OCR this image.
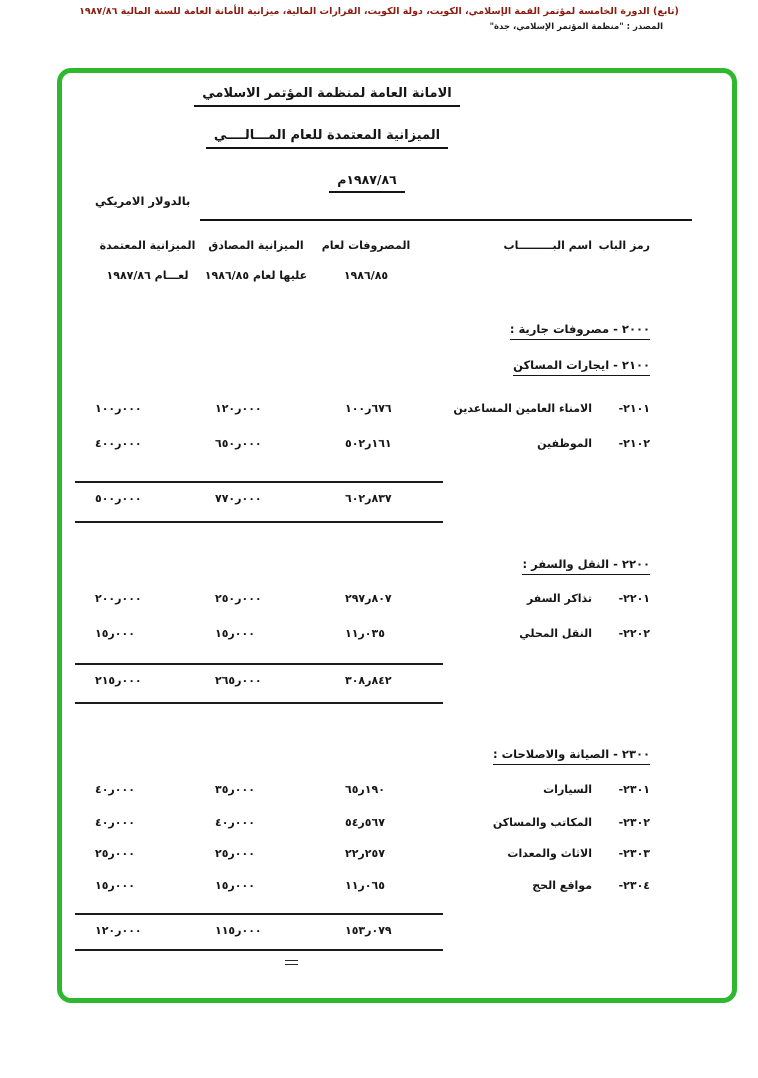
(تابع) الدورة الخامسة لمؤتمر القمة الإسلامي، الكويت، دولة الكويت، القرارات المالية، ميزانية الأمانة العامة للسنة المالية ١٩٨٧/٨٦
المصدر : "منظمة المؤتمر الإسلامي، جدة"
الامانة العامة لمنظمة المؤتمر الاسلامي
الميزانية المعتمدة للعام المـــالــــي
١٩٨٧/٨٦م
بالدولار الامريكي
رمز الباب
اسم البـــــــــاب
المصروفات لعام
١٩٨٦/٨٥
الميزانية المصادق
عليها لعام ١٩٨٦/٨٥
الميزانية المعتمدة
لعـــام ١٩٨٧/٨٦
٢٠٠٠ - مصروفات جارية :
٢١٠٠ - ايجارات المساكن
٢١٠١-
الامناء العامين المساعدين
١٠٠ر٦٧٦
١٢٠ر٠٠٠
١٠٠ر٠٠٠
٢١٠٢-
الموظفين
٥٠٢ر١٦١
٦٥٠ر٠٠٠
٤٠٠ر٠٠٠
٦٠٢ر٨٣٧
٧٧٠ر٠٠٠
٥٠٠ر٠٠٠
٢٢٠٠ - النقل والسفر :
٢٢٠١-
تذاكر السفر
٢٩٧ر٨٠٧
٢٥٠ر٠٠٠
٢٠٠ر٠٠٠
٢٢٠٢-
النقل المحلي
١١ر٠٣٥
١٥ر٠٠٠
١٥ر٠٠٠
٣٠٨ر٨٤٢
٢٦٥ر٠٠٠
٢١٥ر٠٠٠
٢٣٠٠ - الصيانة والاصلاحات :
٢٣٠١-
السيارات
٦٥ر١٩٠
٣٥ر٠٠٠
٤٠ر٠٠٠
٢٣٠٢-
المكاتب والمساكن
٥٤ر٥٦٧
٤٠ر٠٠٠
٤٠ر٠٠٠
٢٣٠٣-
الاثاث والمعدات
٢٢ر٢٥٧
٢٥ر٠٠٠
٢٥ر٠٠٠
٢٣٠٤-
مواقع الحج
١١ر٠٦٥
١٥ر٠٠٠
١٥ر٠٠٠
١٥٣ر٠٧٩
١١٥ر٠٠٠
١٢٠ر٠٠٠
